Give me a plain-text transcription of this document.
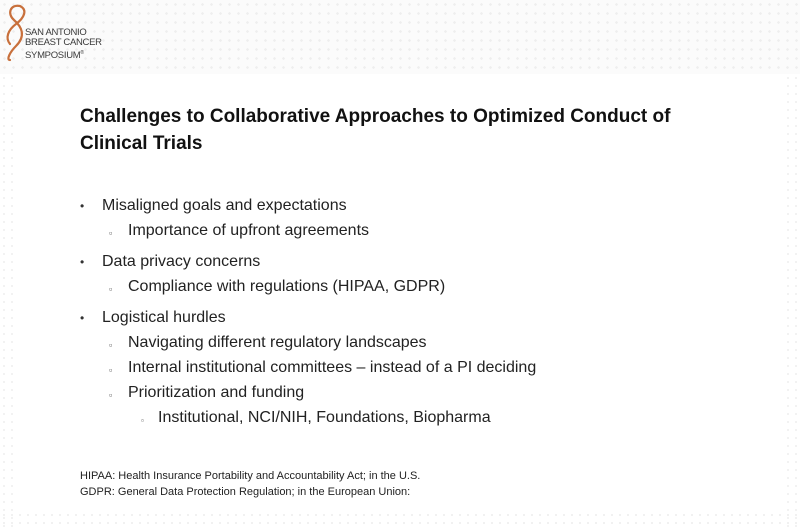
SAN ANTONIO
BREAST CANCER
SYMPOSIUM®
Challenges to Collaborative Approaches to Optimized Conduct of Clinical Trials
• Misaligned goals and expectations
▫ Importance of upfront agreements
• Data privacy concerns
▫ Compliance with regulations (HIPAA, GDPR)
• Logistical hurdles
▫ Navigating different regulatory landscapes
▫ Internal institutional committees – instead of a PI deciding
▫ Prioritization and funding
▫ Institutional, NCI/NIH, Foundations, Biopharma
HIPAA: Health Insurance Portability and Accountability Act; in the U.S.
GDPR: General Data Protection Regulation; in the European Union:
